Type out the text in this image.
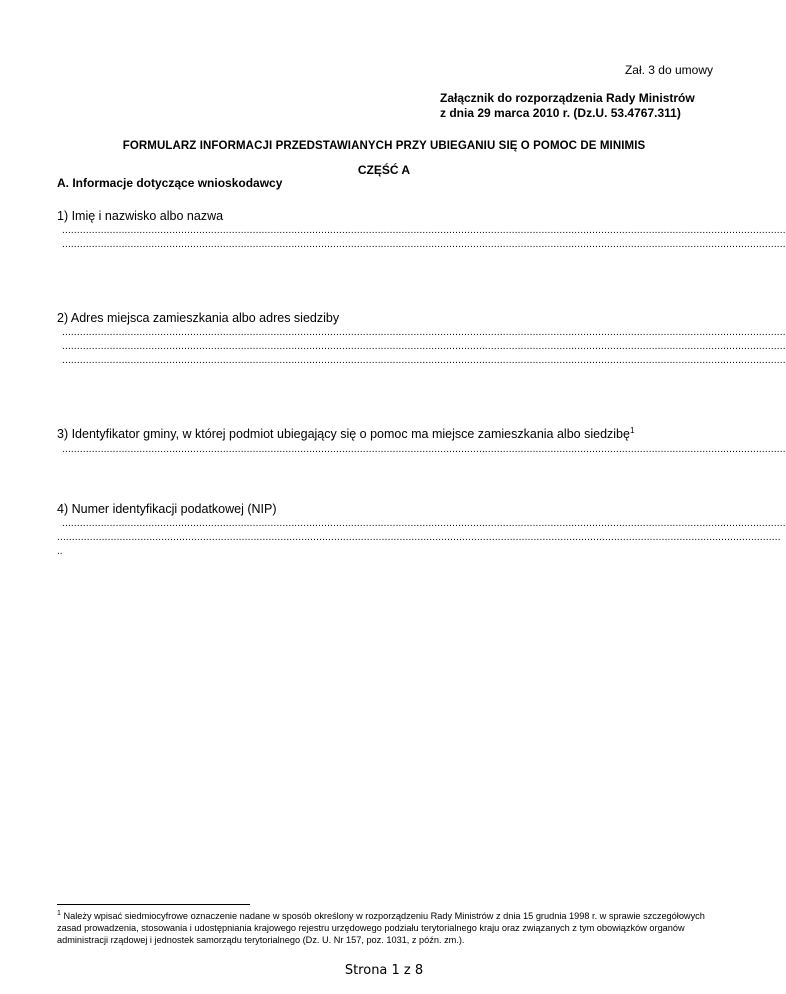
Zał. 3 do umowy
Załącznik do rozporządzenia Rady Ministrów
z dnia 29 marca 2010 r. (Dz.U. 53.4767.311)
FORMULARZ INFORMACJI PRZEDSTAWIANYCH PRZY UBIEGANIU SIĘ O POMOC DE MINIMIS
CZĘŚĆ A
A. Informacje dotyczące wnioskodawcy
1) Imię i nazwisko albo nazwa
...................................................................................................................................................................................................................................................
...................................................................................................................................................................................................................................................
2) Adres miejsca zamieszkania albo adres siedziby
...................................................................................................................................................................................................................................................
...................................................................................................................................................................................................................................................
...................................................................................................................................................................................................................................................
3) Identyfikator gminy, w której podmiot ubiegający się o pomoc ma miejsce zamieszkania albo siedzibę$^1$
...................................................................................................................................................................................................................................................
4) Numer identyfikacji podatkowej (NIP)
...................................................................................................................................................................................................................................................
...................................................................................................................................................................................................................................................
..
$^1$ Należy wpisać siedmiocyfrowe oznaczenie nadane w sposób określony w rozporządzeniu Rady Ministrów z dnia 15 grudnia 1998 r. w sprawie szczegółowych zasad prowadzenia, stosowania i udostępniania krajowego rejestru urzędowego podziału terytorialnego kraju oraz związanych z tym obowiązków organów administracji rządowej i jednostek samorządu terytorialnego (Dz. U. Nr 157, poz. 1031, z późn. zm.).
Strona 1 z 8
